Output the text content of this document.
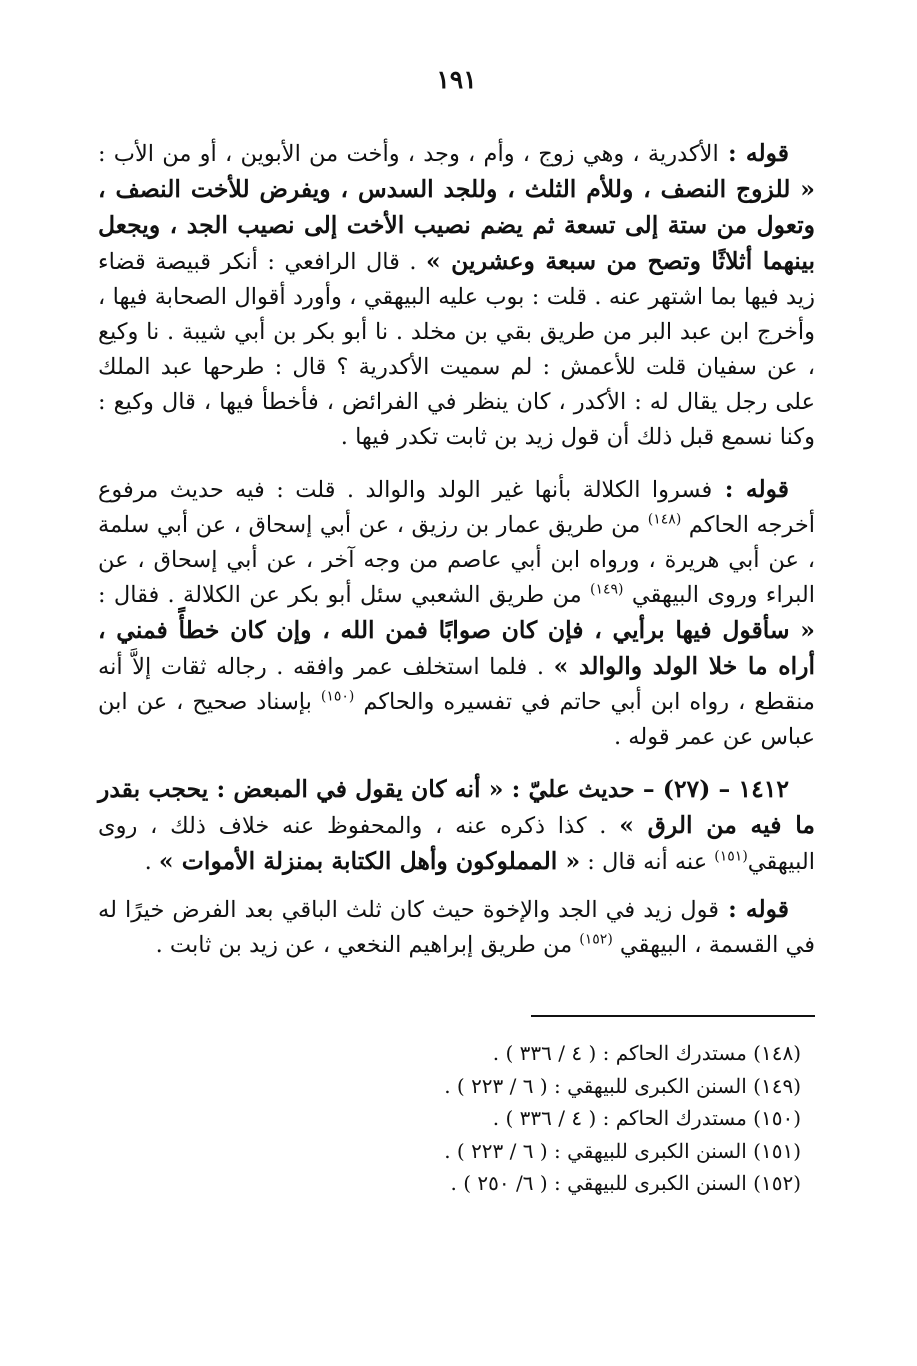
١٩١

قوله : الأكدرية ، وهي زوج ، وأم ، وجد ، وأخت من الأبوين ، أو من الأب : « للزوج النصف ، وللأم الثلث ، وللجد السدس ، ويفرض للأخت النصف ، وتعول من ستة إلى تسعة ثم يضم نصيب الأخت إلى نصيب الجد ، ويجعل بينهما أثلاثًا وتصح من سبعة وعشرين » . قال الرافعي : أنكر قبيصة قضاء زيد فيها بما اشتهر عنه . قلت : بوب عليه البيهقي ، وأورد أقوال الصحابة فيها ، وأخرج ابن عبد البر من طريق بقي بن مخلد . نا أبو بكر بن أبي شيبة . نا وكيع ، عن سفيان قلت للأعمش : لم سميت الأكدرية ؟ قال : طرحها عبد الملك على رجل يقال له : الأكدر ، كان ينظر في الفرائض ، فأخطأ فيها ، قال وكيع : وكنا نسمع قبل ذلك أن قول زيد بن ثابت تكدر فيها .

قوله : فسروا الكلالة بأنها غير الولد والوالد . قلت : فيه حديث مرفوع أخرجه الحاكم $^{(١٤٨)}$ من طريق عمار بن رزيق ، عن أبي إسحاق ، عن أبي سلمة ، عن أبي هريرة ، ورواه ابن أبي عاصم من وجه آخر ، عن أبي إسحاق ، عن البراء وروى البيهقي $^{(١٤٩)}$ من طريق الشعبي سئل أبو بكر عن الكلالة . فقال : « سأقول فيها برأيي ، فإن كان صوابًا فمن الله ، وإن كان خطأً فمني ، أراه ما خلا الولد والوالد » . فلما استخلف عمر وافقه . رجاله ثقات إلاَّ أنه منقطع ، رواه ابن أبي حاتم في تفسيره والحاكم $^{(١٥٠)}$ بإسناد صحيح ، عن ابن عباس عن عمر قوله .

١٤١٢ – (٢٧) – حديث عليّ : « أنه كان يقول في المبعض : يحجب بقدر ما فيه من الرق » . كذا ذكره عنه ، والمحفوظ عنه خلاف ذلك ، روى البيهقي$^{(١٥١)}$ عنه أنه قال : « المملوكون وأهل الكتابة بمنزلة الأموات » .

قوله : قول زيد في الجد والإخوة حيث كان ثلث الباقي بعد الفرض خيرًا له في القسمة ، البيهقي $^{(١٥٢)}$ من طريق إبراهيم النخعي ، عن زيد بن ثابت .

(١٤٨) مستدرك الحاكم : ( ٤ / ٣٣٦ ) .
(١٤٩) السنن الكبرى للبيهقي : ( ٦ / ٢٢٣ ) .
(١٥٠) مستدرك الحاكم : ( ٤ / ٣٣٦ ) .
(١٥١) السنن الكبرى للبيهقي : ( ٦ / ٢٢٣ ) .
(١٥٢) السنن الكبرى للبيهقي : ( ٦/ ٢٥٠ ) .
